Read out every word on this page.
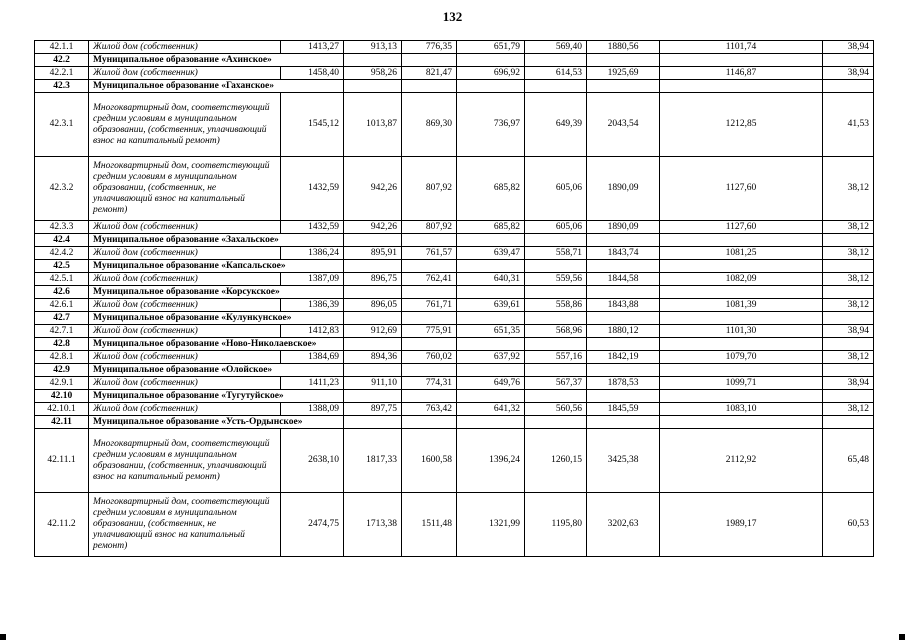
132
42.1.1	Жилой дом (собственник)	1413,27	913,13	776,35	651,79	569,40	1880,56	1101,74	38,94
42.2	Муниципальное образование «Ахинское»								
42.2.1	Жилой дом (собственник)	1458,40	958,26	821,47	696,92	614,53	1925,69	1146,87	38,94
42.3	Муниципальное образование «Гаханское»								
42.3.1	Многоквартирный дом, соответствующий средним условиям в муниципальном образовании, (собственник, уплачивающий взнос на капитальный ремонт)	1545,12	1013,87	869,30	736,97	649,39	2043,54	1212,85	41,53
42.3.2	Многоквартирный дом, соответствующий средним условиям в муниципальном образовании, (собственник, не уплачивающий взнос на капитальный ремонт)	1432,59	942,26	807,92	685,82	605,06	1890,09	1127,60	38,12
42.3.3	Жилой дом (собственник)	1432,59	942,26	807,92	685,82	605,06	1890,09	1127,60	38,12
42.4	Муниципальное образование «Захальское»								
42.4.2	Жилой дом (собственник)	1386,24	895,91	761,57	639,47	558,71	1843,74	1081,25	38,12
42.5	Муниципальное образование «Капсальское»								
42.5.1	Жилой дом (собственник)	1387,09	896,75	762,41	640,31	559,56	1844,58	1082,09	38,12
42.6	Муниципальное образование «Корсукское»								
42.6.1	Жилой дом (собственник)	1386,39	896,05	761,71	639,61	558,86	1843,88	1081,39	38,12
42.7	Муниципальное образование «Кулункунское»								
42.7.1	Жилой дом (собственник)	1412,83	912,69	775,91	651,35	568,96	1880,12	1101,30	38,94
42.8	Муниципальное образование «Ново-Николаевское»								
42.8.1	Жилой дом (собственник)	1384,69	894,36	760,02	637,92	557,16	1842,19	1079,70	38,12
42.9	Муниципальное образование «Олойское»								
42.9.1	Жилой дом (собственник)	1411,23	911,10	774,31	649,76	567,37	1878,53	1099,71	38,94
42.10	Муниципальное образование «Тугутуйское»								
42.10.1	Жилой дом (собственник)	1388,09	897,75	763,42	641,32	560,56	1845,59	1083,10	38,12
42.11	Муниципальное образование «Усть-Ордынское»								
42.11.1	Многоквартирный дом, соответствующий средним условиям в муниципальном образовании, (собственник, уплачивающий взнос на капитальный ремонт)	2638,10	1817,33	1600,58	1396,24	1260,15	3425,38	2112,92	65,48
42.11.2	Многоквартирный дом, соответствующий средним условиям в муниципальном образовании, (собственник, не уплачивающий взнос на капитальный ремонт)	2474,75	1713,38	1511,48	1321,99	1195,80	3202,63	1989,17	60,53
